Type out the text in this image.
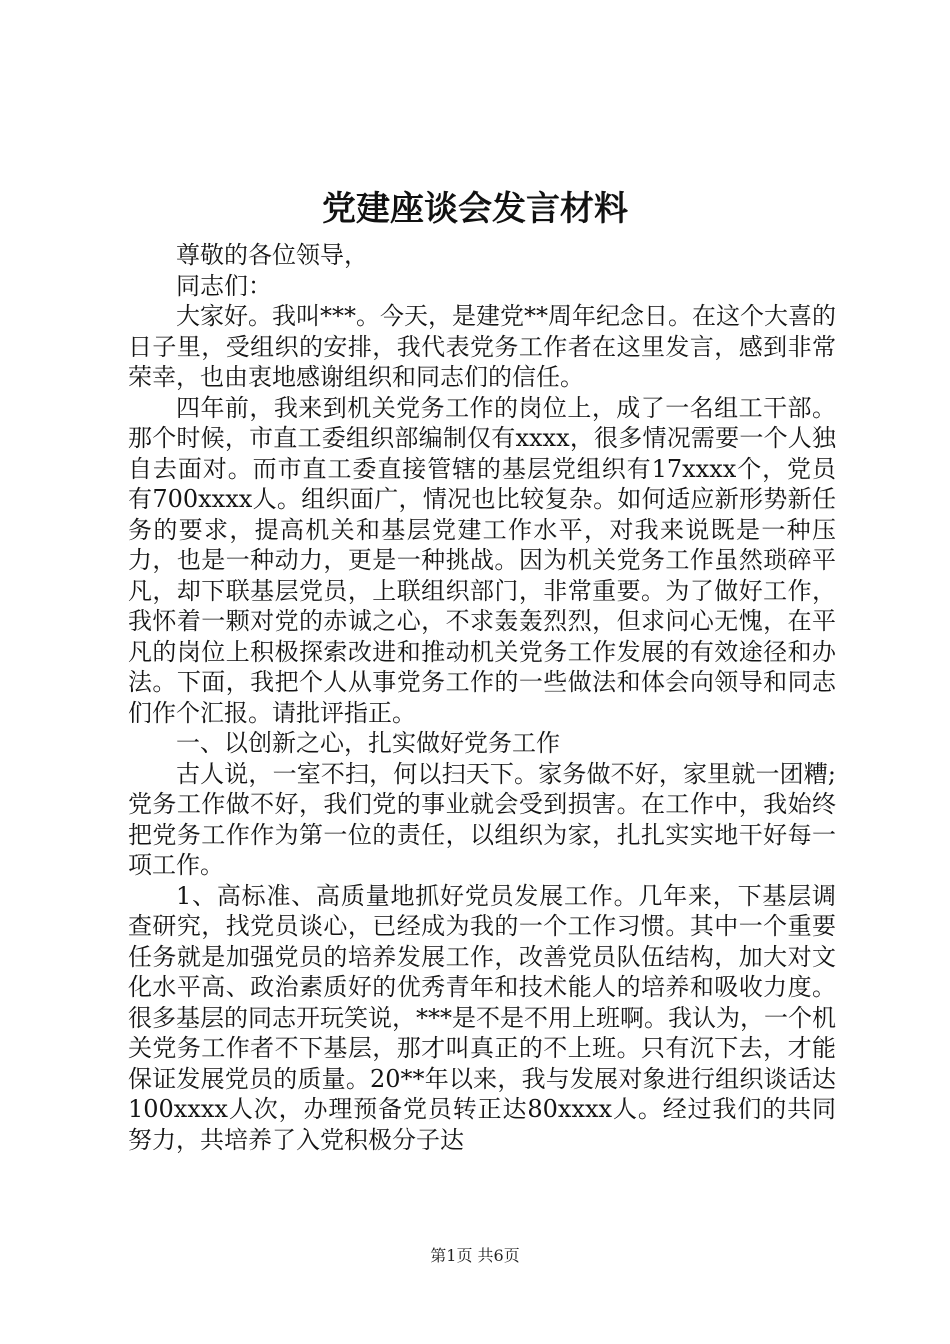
党建座谈会发言材料

尊敬的各位领导，

同志们：

大家好。我叫***。今天，是建党**周年纪念日。在这个大喜的日子里，受组织的安排，我代表党务工作者在这里发言，感到非常荣幸，也由衷地感谢组织和同志们的信任。

四年前，我来到机关党务工作的岗位上，成了一名组工干部。那个时候，市直工委组织部编制仅有xxxx，很多情况需要一个人独自去面对。而市直工委直接管辖的基层党组织有17xxxx个，党员有700xxxx人。组织面广，情况也比较复杂。如何适应新形势新任务的要求，提高机关和基层党建工作水平，对我来说既是一种压力，也是一种动力，更是一种挑战。因为机关党务工作虽然琐碎平凡，却下联基层党员，上联组织部门，非常重要。为了做好工作，我怀着一颗对党的赤诚之心，不求轰轰烈烈，但求问心无愧，在平凡的岗位上积极探索改进和推动机关党务工作发展的有效途径和办法。下面，我把个人从事党务工作的一些做法和体会向领导和同志们作个汇报。请批评指正。

一、以创新之心，扎实做好党务工作

古人说，一室不扫，何以扫天下。家务做不好，家里就一团糟;党务工作做不好，我们党的事业就会受到损害。在工作中，我始终把党务工作作为第一位的责任，以组织为家，扎扎实实地干好每一项工作。

1、高标准、高质量地抓好党员发展工作。几年来，下基层调查研究，找党员谈心，已经成为我的一个工作习惯。其中一个重要任务就是加强党员的培养发展工作，改善党员队伍结构，加大对文化水平高、政治素质好的优秀青年和技术能人的培养和吸收力度。很多基层的同志开玩笑说，***是不是不用上班啊。我认为，一个机关党务工作者不下基层，那才叫真正的不上班。只有沉下去，才能保证发展党员的质量。20**年以来，我与发展对象进行组织谈话达100xxxx人次，办理预备党员转正达80xxxx人。经过我们的共同努力，共培养了入党积极分子达

第1页 共6页
